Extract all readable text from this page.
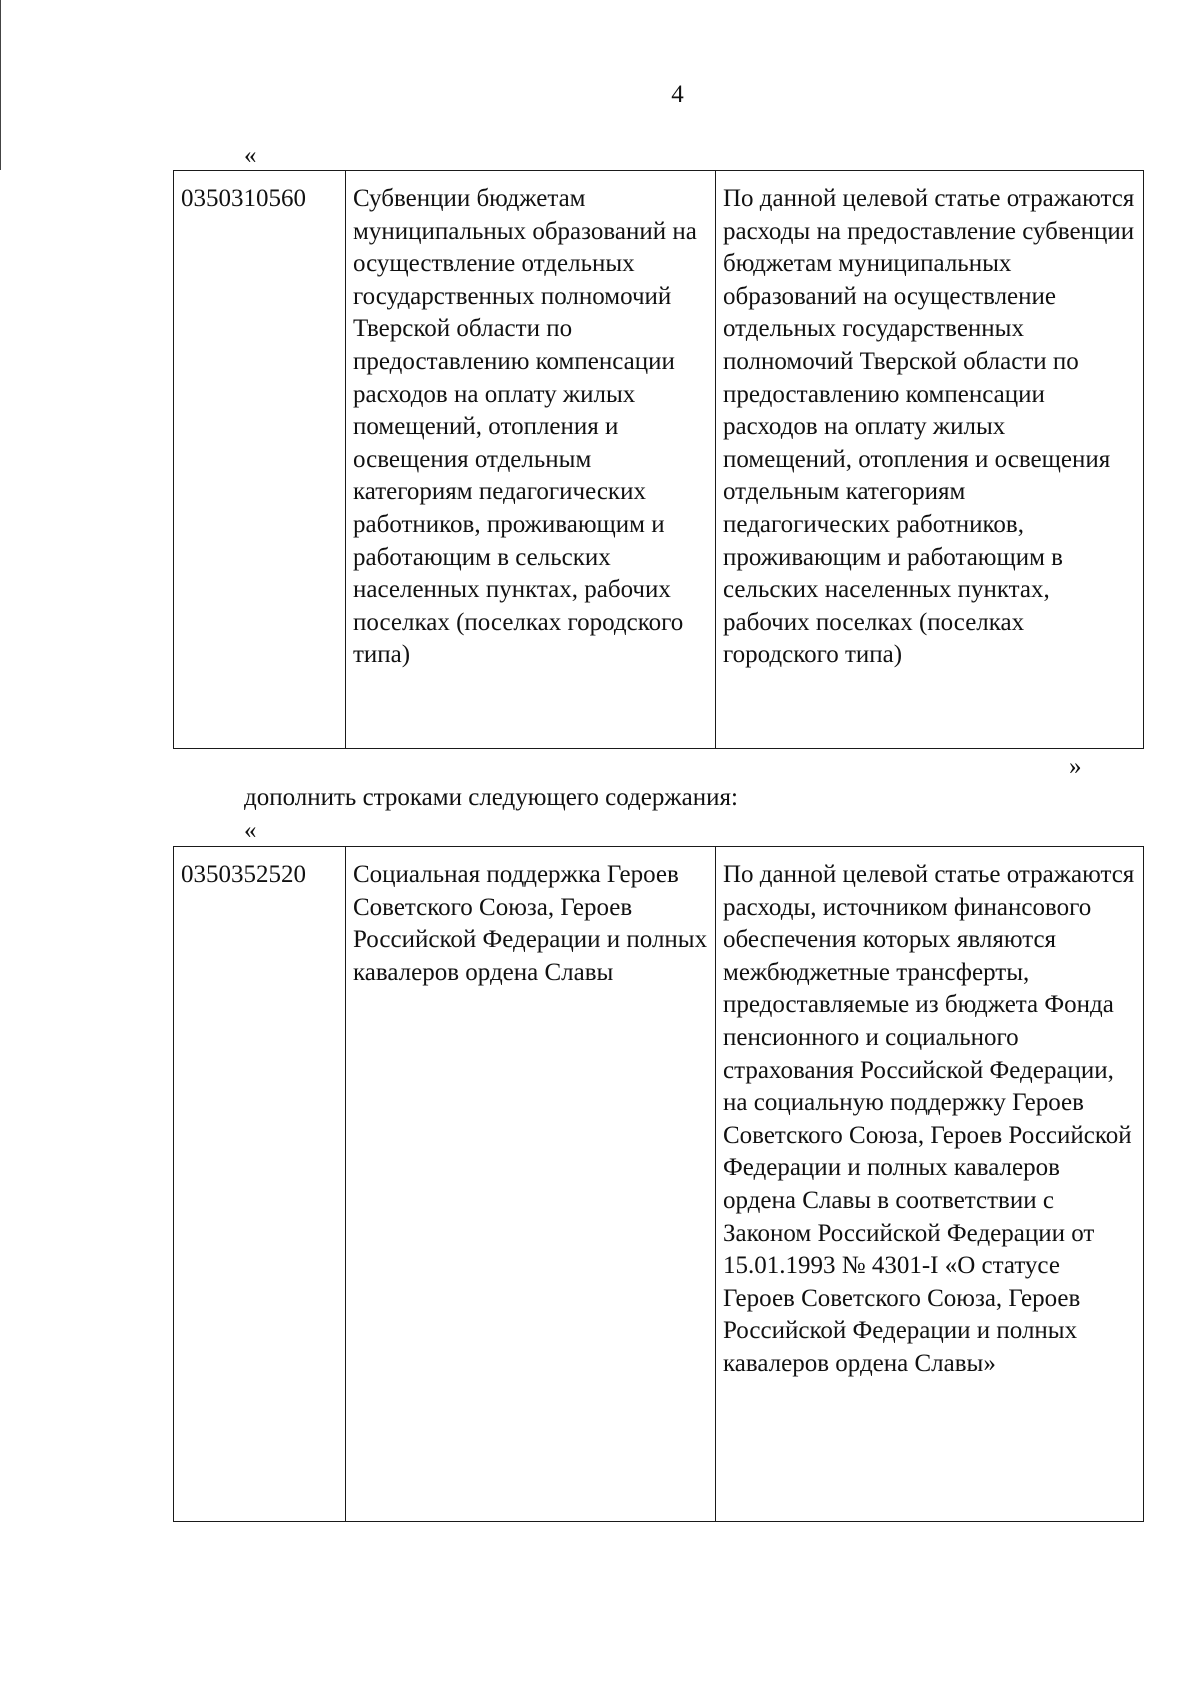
4
«
0350310560	Субвенции бюджетам муниципальных образований на осуществление отдельных государственных полномочий Тверской области по предоставлению компенсации расходов на оплату жилых помещений, отопления и освещения отдельным категориям педагогических работников, проживающим и работающим в сельских населенных пунктах, рабочих поселках (поселках городского типа)	По данной целевой статье отражаются расходы на предоставление субвенции бюджетам муниципальных образований на осуществление отдельных государственных полномочий Тверской области по предоставлению компенсации расходов на оплату жилых помещений, отопления и освещения отдельным категориям педагогических работников, проживающим и работающим в сельских населенных пунктах, рабочих поселках (поселках городского типа)
»
дополнить строками следующего содержания:
«
0350352520	Социальная поддержка Героев Советского Союза, Героев Российской Федерации и полных кавалеров ордена Славы	По данной целевой статье отражаются расходы, источником финансового обеспечения которых являются межбюджетные трансферты, предоставляемые из бюджета Фонда пенсионного и социального страхования Российской Федерации, на социальную поддержку Героев Советского Союза, Героев Российской Федерации и полных кавалеров ордена Славы в соответствии с Законом Российской Федерации от 15.01.1993 № 4301-I «О статусе Героев Советского Союза, Героев Российской Федерации и полных кавалеров ордена Славы»
